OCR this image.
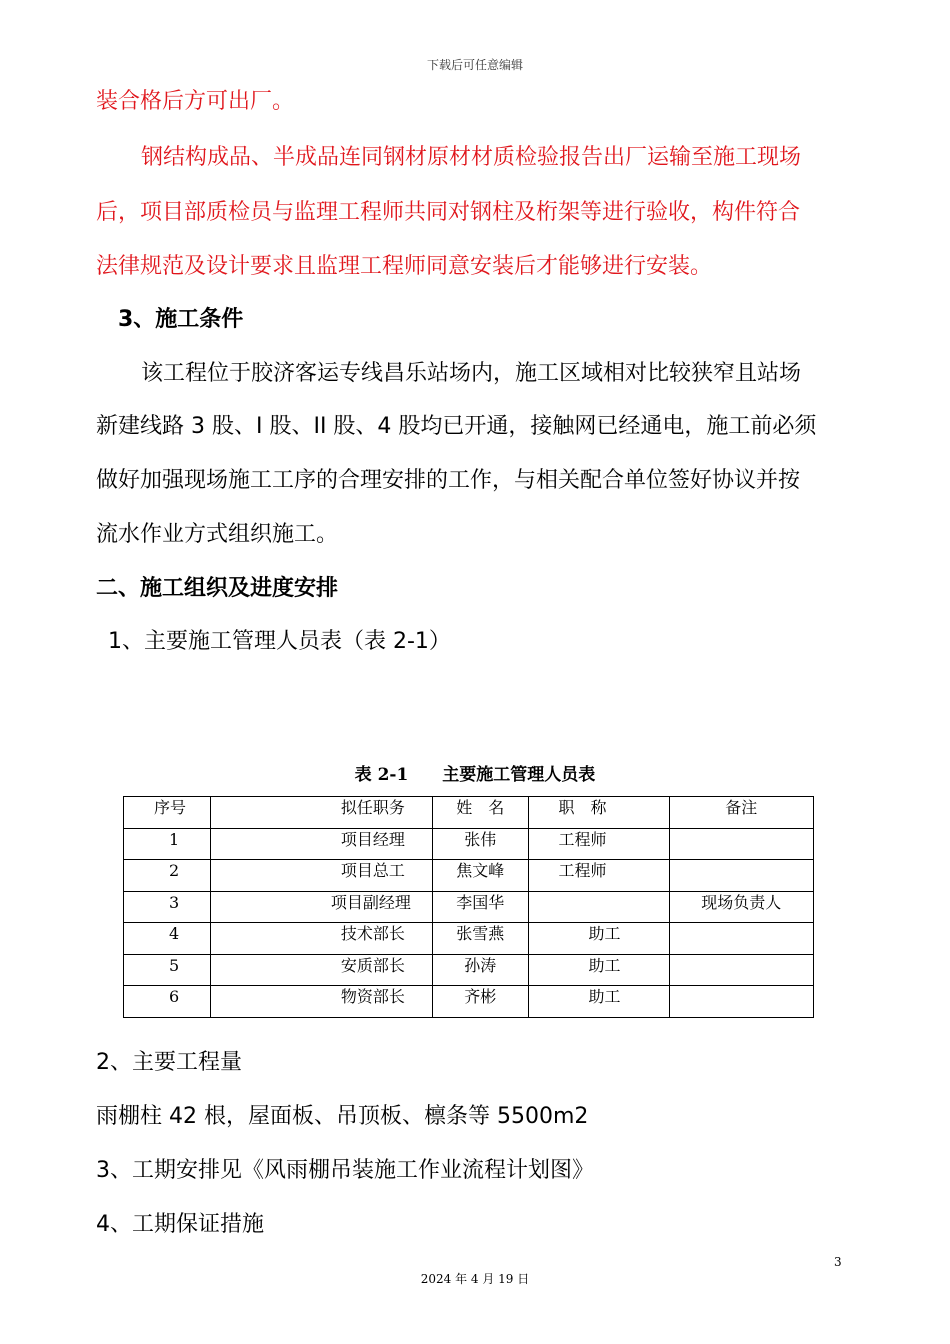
下载后可任意编辑

装合格后方可出厂。

钢结构成品、半成品连同钢材原材材质检验报告出厂运输至施工现场

后，项目部质检员与监理工程师共同对钢柱及桁架等进行验收，构件符合

法律规范及设计要求且监理工程师同意安装后才能够进行安装。

3、施工条件

该工程位于胶济客运专线昌乐站场内，施工区域相对比较狭窄且站场

新建线路 3 股、I 股、II 股、4 股均已开通，接触网已经通电，施工前必须

做好加强现场施工工序的合理安排的工作，与相关配合单位签好协议并按

流水作业方式组织施工。

二、施工组织及进度安排

1、主要施工管理人员表（表 2-1）

表 2-1　　主要施工管理人员表
序号	拟任职务	姓　名	职　称	备注
1	项目经理	张伟	工程师	
2	项目总工	焦文峰	工程师	
3	项目副经理	李国华		现场负责人
4	技术部长	张雪燕	助工	
5	安质部长	孙涛	助工	
6	物资部长	齐彬	助工	

2、主要工程量

雨棚柱 42 根，屋面板、吊顶板、檩条等 5500m2

3、工期安排见《风雨棚吊装施工作业流程计划图》

4、工期保证措施

3
2024 年 4 月 19 日
